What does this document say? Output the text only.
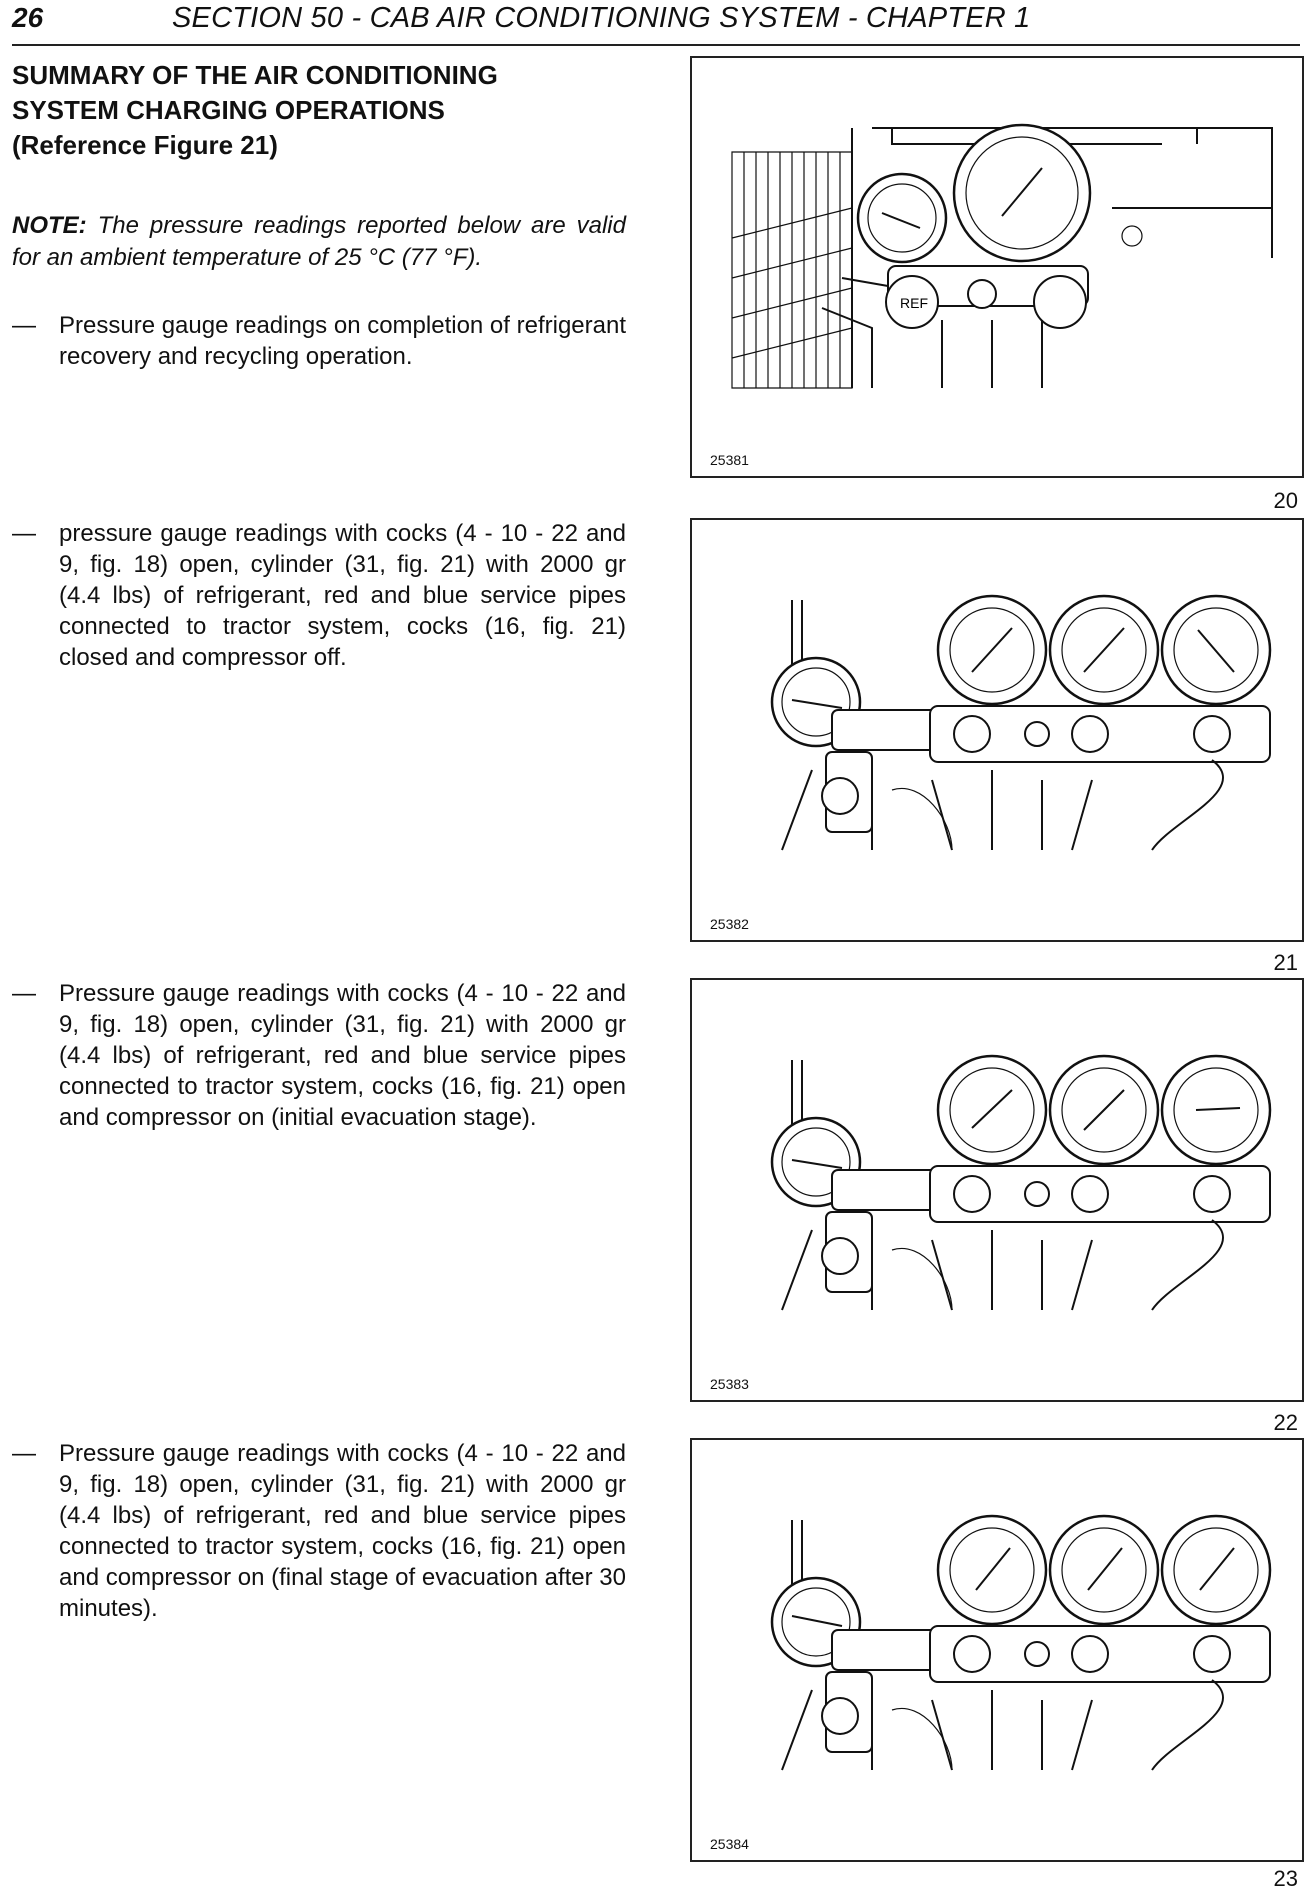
26	SECTION 50 - CAB AIR CONDITIONING SYSTEM - CHAPTER 1
SUMMARY OF THE AIR CONDITIONING
SYSTEM CHARGING OPERATIONS
(Reference Figure 21)
NOTE: The pressure readings reported below are valid for an ambient temperature of 25 °C (77 °F).
— Pressure gauge readings on completion of refrigerant recovery and recycling operation.
— pressure gauge readings with cocks (4 - 10 - 22 and 9, fig. 18) open, cylinder (31, fig. 21) with 2000 gr (4.4 lbs) of refrigerant, red and blue service pipes connected to tractor system, cocks (16, fig. 21) closed and compressor off.
— Pressure gauge readings with cocks (4 - 10 - 22 and 9, fig. 18) open, cylinder (31, fig. 21) with 2000 gr (4.4 lbs) of refrigerant, red and blue service pipes connected to tractor system, cocks (16, fig. 21) open and compressor on (initial evacuation stage).
— Pressure gauge readings with cocks (4 - 10 - 22 and 9, fig. 18) open, cylinder (31, fig. 21) with 2000 gr (4.4 lbs) of refrigerant, red and blue service pipes connected to tractor system, cocks (16, fig. 21) open and compressor on (final stage of evacuation after 30 minutes).
REF
25381
20
25382
21
25383
22
25384
23
